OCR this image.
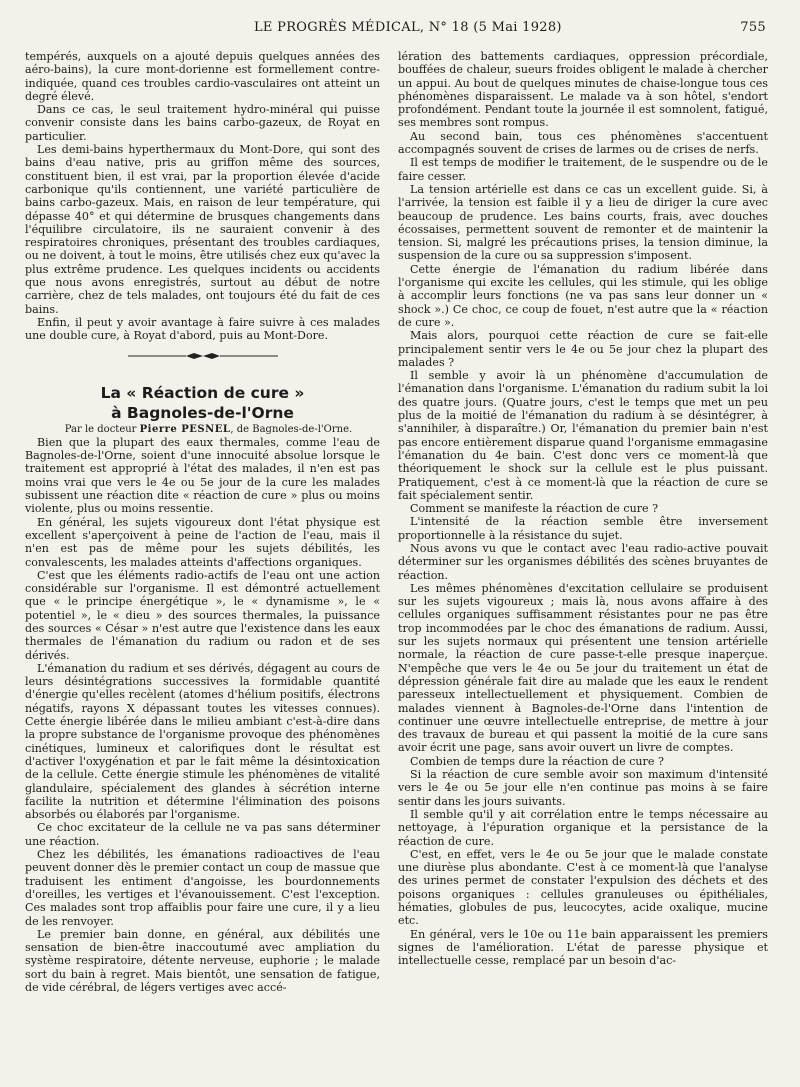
LE PROGRÈS MÉDICAL, N° 18 (5 Mai 1928)	755

tempérés, auxquels on a ajouté depuis quelques années des aéro-bains), la cure mont-dorienne est formellement contre-indiquée, quand ces troubles cardio-vasculaires ont atteint un degré élevé.

Dans ce cas, le seul traitement hydro-minéral qui puisse convenir consiste dans les bains carbo-gazeux, de Royat en particulier.

Les demi-bains hyperthermaux du Mont-Dore, qui sont des bains d'eau native, pris au griffon même des sources, constituent bien, il est vrai, par la proportion élevée d'acide carbonique qu'ils contiennent, une variété particulière de bains carbo-gazeux. Mais, en raison de leur température, qui dépasse 40° et qui détermine de brusques changements dans l'équilibre circulatoire, ils ne sauraient convenir à des respiratoires chroniques, présentant des troubles cardiaques, ou ne doivent, à tout le moins, être utilisés chez eux qu'avec la plus extrême prudence. Les quelques incidents ou accidents que nous avons enregistrés, surtout au début de notre carrière, chez de tels malades, ont toujours été du fait de ces bains.

Enfin, il peut y avoir avantage à faire suivre à ces malades une double cure, à Royat d'abord, puis au Mont-Dore.

La « Réaction de cure »
à Bagnoles-de-l'Orne

Par le docteur Pierre PESNEL, de Bagnoles-de-l'Orne.

Bien que la plupart des eaux thermales, comme l'eau de Bagnoles-de-l'Orne, soient d'une innocuité absolue lorsque le traitement est approprié à l'état des malades, il n'en est pas moins vrai que vers le 4e ou 5e jour de la cure les malades subissent une réaction dite « réaction de cure » plus ou moins violente, plus ou moins ressentie.

En général, les sujets vigoureux dont l'état physique est excellent s'aperçoivent à peine de l'action de l'eau, mais il n'en est pas de même pour les sujets débilités, les convalescents, les malades atteints d'affections organiques.

C'est que les éléments radio-actifs de l'eau ont une action considérable sur l'organisme. Il est démontré actuellement que « le principe énergétique », le « dynamisme », le « potentiel », le « dieu » des sources thermales, la puissance des sources « César » n'est autre que l'existence dans les eaux thermales de l'émanation du radium ou radon et de ses dérivés.

L'émanation du radium et ses dérivés, dégagent au cours de leurs désintégrations successives la formidable quantité d'énergie qu'elles recèlent (atomes d'hélium positifs, électrons négatifs, rayons X dépassant toutes les vitesses connues). Cette énergie libérée dans le milieu ambiant c'est-à-dire dans la propre substance de l'organisme provoque des phénomènes cinétiques, lumineux et calorifiques dont le résultat est d'activer l'oxygénation et par le fait même la désintoxication de la cellule. Cette énergie stimule les phénomènes de vitalité glandulaire, spécialement des glandes à sécrétion interne facilite la nutrition et détermine l'élimination des poisons absorbés ou élaborés par l'organisme.

Ce choc excitateur de la cellule ne va pas sans déterminer une réaction.

Chez les débilités, les émanations radioactives de l'eau peuvent donner dès le premier contact un coup de massue que traduisent les entiment d'angoisse, les bourdonnements d'oreilles, les vertiges et l'évanouissement. C'est l'exception. Ces malades sont trop affaiblis pour faire une cure, il y a lieu de les renvoyer.

Le premier bain donne, en général, aux débilités une sensation de bien-être inaccoutumé avec ampliation du système respiratoire, détente nerveuse, euphorie ; le malade sort du bain à regret. Mais bientôt, une sensation de fatigue, de vide cérébral, de légers vertiges avec accé-

lération des battements cardiaques, oppression précordiale, bouffées de chaleur, sueurs froides obligent le malade à chercher un appui. Au bout de quelques minutes de chaise-longue tous ces phénomènes disparaissent. Le malade va à son hôtel, s'endort profondément. Pendant toute la journée il est somnolent, fatigué, ses membres sont rompus.

Au second bain, tous ces phénomènes s'accentuent accompagnés souvent de crises de larmes ou de crises de nerfs.

Il est temps de modifier le traitement, de le suspendre ou de le faire cesser.

La tension artérielle est dans ce cas un excellent guide. Si, à l'arrivée, la tension est faible il y a lieu de diriger la cure avec beaucoup de prudence. Les bains courts, frais, avec douches écossaises, permettent souvent de remonter et de maintenir la tension. Si, malgré les précautions prises, la tension diminue, la suspension de la cure ou sa suppression s'imposent.

Cette énergie de l'émanation du radium libérée dans l'organisme qui excite les cellules, qui les stimule, qui les oblige à accomplir leurs fonctions (ne va pas sans leur donner un « shock ».) Ce choc, ce coup de fouet, n'est autre que la « réaction de cure ».

Mais alors, pourquoi cette réaction de cure se fait-elle principalement sentir vers le 4e ou 5e jour chez la plupart des malades ?

Il semble y avoir là un phénomène d'accumulation de l'émanation dans l'organisme. L'émanation du radium subit la loi des quatre jours. (Quatre jours, c'est le temps que met un peu plus de la moitié de l'émanation du radium à se désintégrer, à s'annihiler, à disparaître.) Or, l'émanation du premier bain n'est pas encore entièrement disparue quand l'organisme emmagasine l'émanation du 4e bain. C'est donc vers ce moment-là que théoriquement le shock sur la cellule est le plus puissant. Pratiquement, c'est à ce moment-là que la réaction de cure se fait spécialement sentir.

Comment se manifeste la réaction de cure ?

L'intensité de la réaction semble être inversement proportionnelle à la résistance du sujet.

Nous avons vu que le contact avec l'eau radio-active pouvait déterminer sur les organismes débilités des scènes bruyantes de réaction.

Les mêmes phénomènes d'excitation cellulaire se produisent sur les sujets vigoureux ; mais là, nous avons affaire à des cellules organiques suffisamment résistantes pour ne pas être trop incommodées par le choc des émanations de radium. Aussi, sur les sujets normaux qui présentent une tension artérielle normale, la réaction de cure passe-t-elle presque inaperçue. N'empêche que vers le 4e ou 5e jour du traitement un état de dépression générale fait dire au malade que les eaux le rendent paresseux intellectuellement et physiquement. Combien de malades viennent à Bagnoles-de-l'Orne dans l'intention de continuer une œuvre intellectuelle entreprise, de mettre à jour des travaux de bureau et qui passent la moitié de la cure sans avoir écrit une page, sans avoir ouvert un livre de comptes.

Combien de temps dure la réaction de cure ?

Si la réaction de cure semble avoir son maximum d'intensité vers le 4e ou 5e jour elle n'en continue pas moins à se faire sentir dans les jours suivants.

Il semble qu'il y ait corrélation entre le temps nécessaire au nettoyage, à l'épuration organique et la persistance de la réaction de cure.

C'est, en effet, vers le 4e ou 5e jour que le malade constate une diurèse plus abondante. C'est à ce moment-là que l'analyse des urines permet de constater l'expulsion des déchets et des poisons organiques : cellules granuleuses ou épithéliales, hématies, globules de pus, leucocytes, acide oxalique, mucine etc.

En général, vers le 10e ou 11e bain apparaissent les premiers signes de l'amélioration. L'état de paresse physique et intellectuelle cesse, remplacé par un besoin d'ac-
